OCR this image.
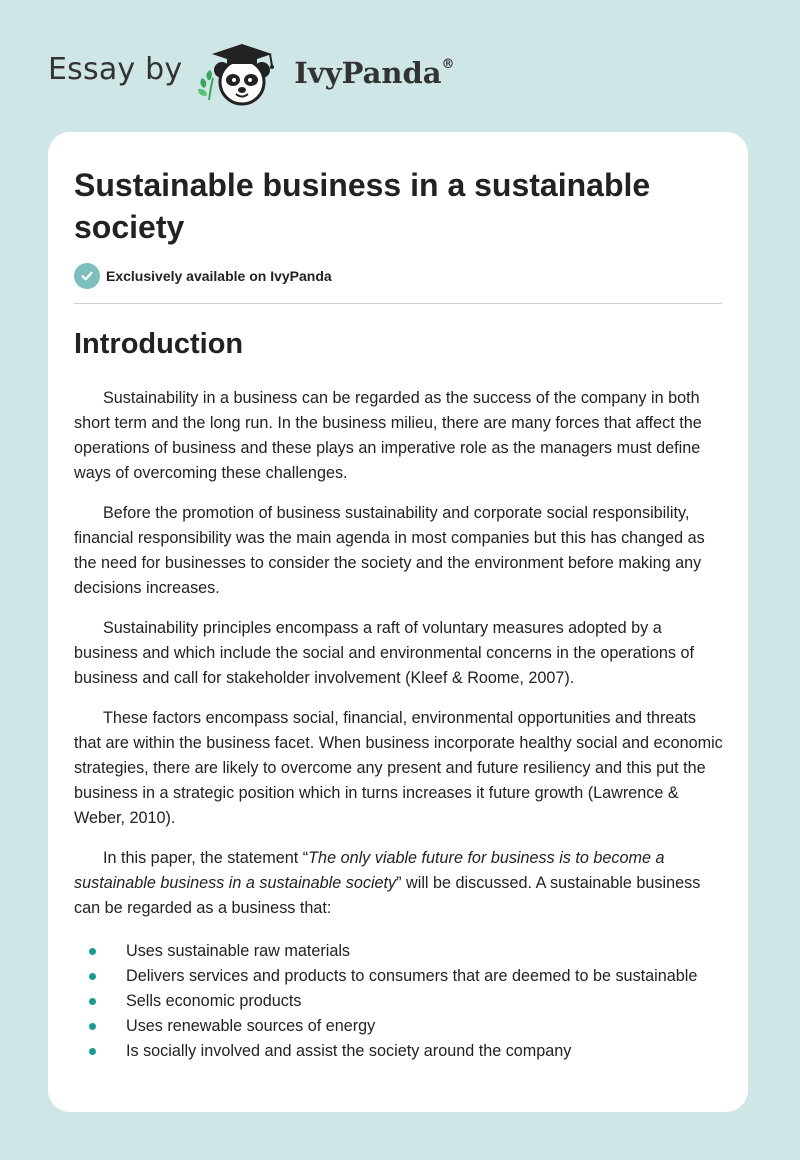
Essay by	IvyPanda®
Sustainable business in a sustainable society
Exclusively available on IvyPanda
Introduction

Sustainability in a business can be regarded as the success of the company in both short term and the long run. In the business milieu, there are many forces that affect the operations of business and these plays an imperative role as the managers must define ways of overcoming these challenges.

Before the promotion of business sustainability and corporate social responsibility, financial responsibility was the main agenda in most companies but this has changed as the need for businesses to consider the society and the environment before making any decisions increases.

Sustainability principles encompass a raft of voluntary measures adopted by a business and which include the social and environmental concerns in the operations of business and call for stakeholder involvement (Kleef & Roome, 2007).

These factors encompass social, financial, environmental opportunities and threats that are within the business facet. When business incorporate healthy social and economic strategies, there are likely to overcome any present and future resiliency and this put the business in a strategic position which in turns increases it future growth (Lawrence & Weber, 2010).

In this paper, the statement “The only viable future for business is to become a sustainable business in a sustainable society” will be discussed. A sustainable business can be regarded as a business that:

Uses sustainable raw materials
Delivers services and products to consumers that are deemed to be sustainable
Sells economic products
Uses renewable sources of energy
Is socially involved and assist the society around the company
